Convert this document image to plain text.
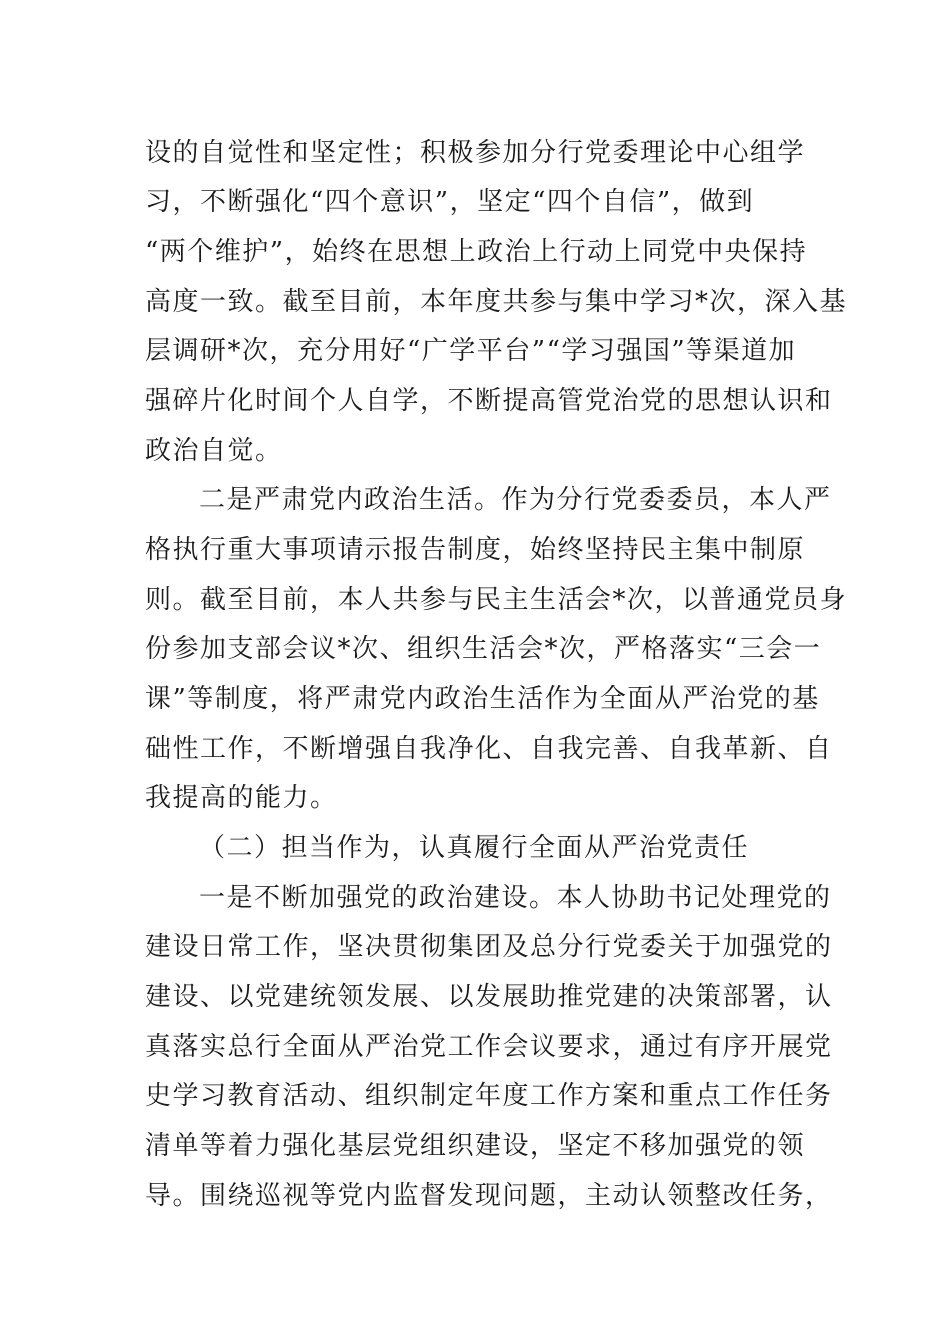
设的自觉性和坚定性；积极参加分行党委理论中心组学
习，不断强化“四个意识”，坚定“四个自信”，做到
“两个维护”，始终在思想上政治上行动上同党中央保持
高度一致。截至目前，本年度共参与集中学习*次，深入基
层调研*次，充分用好“广学平台”“学习强国”等渠道加
强碎片化时间个人自学，不断提高管党治党的思想认识和
政治自觉。
二是严肃党内政治生活。作为分行党委委员，本人严
格执行重大事项请示报告制度，始终坚持民主集中制原
则。截至目前，本人共参与民主生活会*次，以普通党员身
份参加支部会议*次、组织生活会*次，严格落实“三会一
课”等制度，将严肃党内政治生活作为全面从严治党的基
础性工作，不断增强自我净化、自我完善、自我革新、自
我提高的能力。
（二）担当作为，认真履行全面从严治党责任
一是不断加强党的政治建设。本人协助书记处理党的
建设日常工作，坚决贯彻集团及总分行党委关于加强党的
建设、以党建统领发展、以发展助推党建的决策部署，认
真落实总行全面从严治党工作会议要求，通过有序开展党
史学习教育活动、组织制定年度工作方案和重点工作任务
清单等着力强化基层党组织建设，坚定不移加强党的领
导。围绕巡视等党内监督发现问题，主动认领整改任务，
